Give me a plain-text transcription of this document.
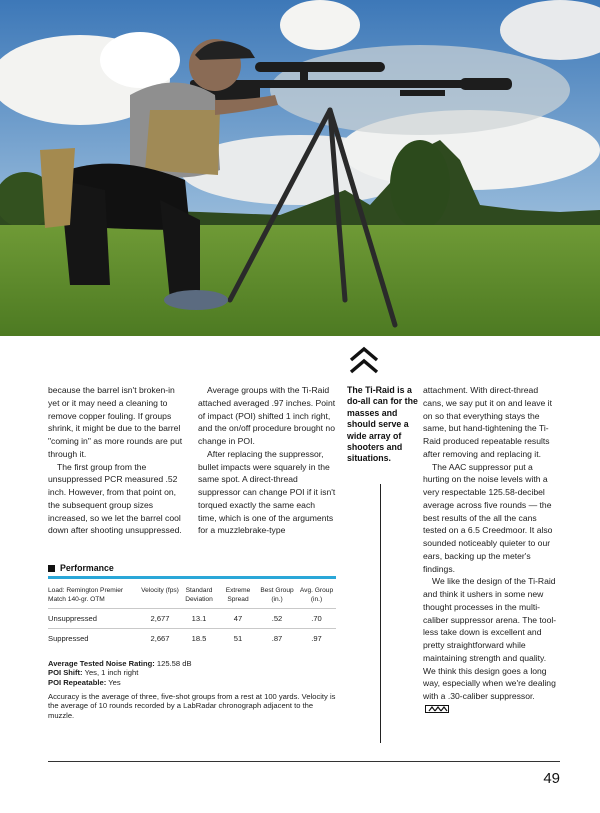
because the barrel isn't broken-in yet or it may need a cleaning to remove copper fouling. If groups shrink, it might be due to the barrel "coming in" as more rounds are put through it.

The first group from the unsuppressed PCR measured .52 inch. However, from that point on, the subsequent group sizes increased, so we let the barrel cool down after shooting unsuppressed.

Average groups with the Ti-Raid attached averaged .97 inches. Point of impact (POI) shifted 1 inch right, and the on/off procedure brought no change in POI.

After replacing the suppressor, bullet impacts were squarely in the same spot. A direct-thread suppressor can change POI if it isn't torqued exactly the same each time, which is one of the arguments for a muzzlebrake-type

The Ti-Raid is a do-all can for the masses and should serve a wide array of shooters and situations.

attachment. With direct-thread cans, we say put it on and leave it on so that everything stays the same, but hand-tightening the Ti-Raid produced repeatable results after removing and replacing it.

The AAC suppressor put a hurting on the noise levels with a very respectable 125.58-decibel average across five rounds — the best results of the all the cans tested on a 6.5 Creedmoor. It also sounded noticeably quieter to our ears, backing up the meter's findings.

We like the design of the Ti-Raid and think it ushers in some new thought processes in the multi-caliber suppressor arena. The tool-less take down is excellent and pretty straightforward while maintaining strength and quality. We think this design goes a long way, especially when we're dealing with a .30-caliber suppressor.

Performance
Load: Remington Premier Match 140-gr. OTM	Velocity (fps)	Standard Deviation	Extreme Spread	Best Group (in.)	Avg. Group (in.)
Unsuppressed	2,677	13.1	47	.52	.70
Suppressed	2,667	18.5	51	.87	.97
Average Tested Noise Rating: 125.58 dB
POI Shift: Yes, 1 inch right
POI Repeatable: Yes
Accuracy is the average of three, five-shot groups from a rest at 100 yards. Velocity is the average of 10 rounds recorded by a LabRadar chronograph adjacent to the muzzle.
49
